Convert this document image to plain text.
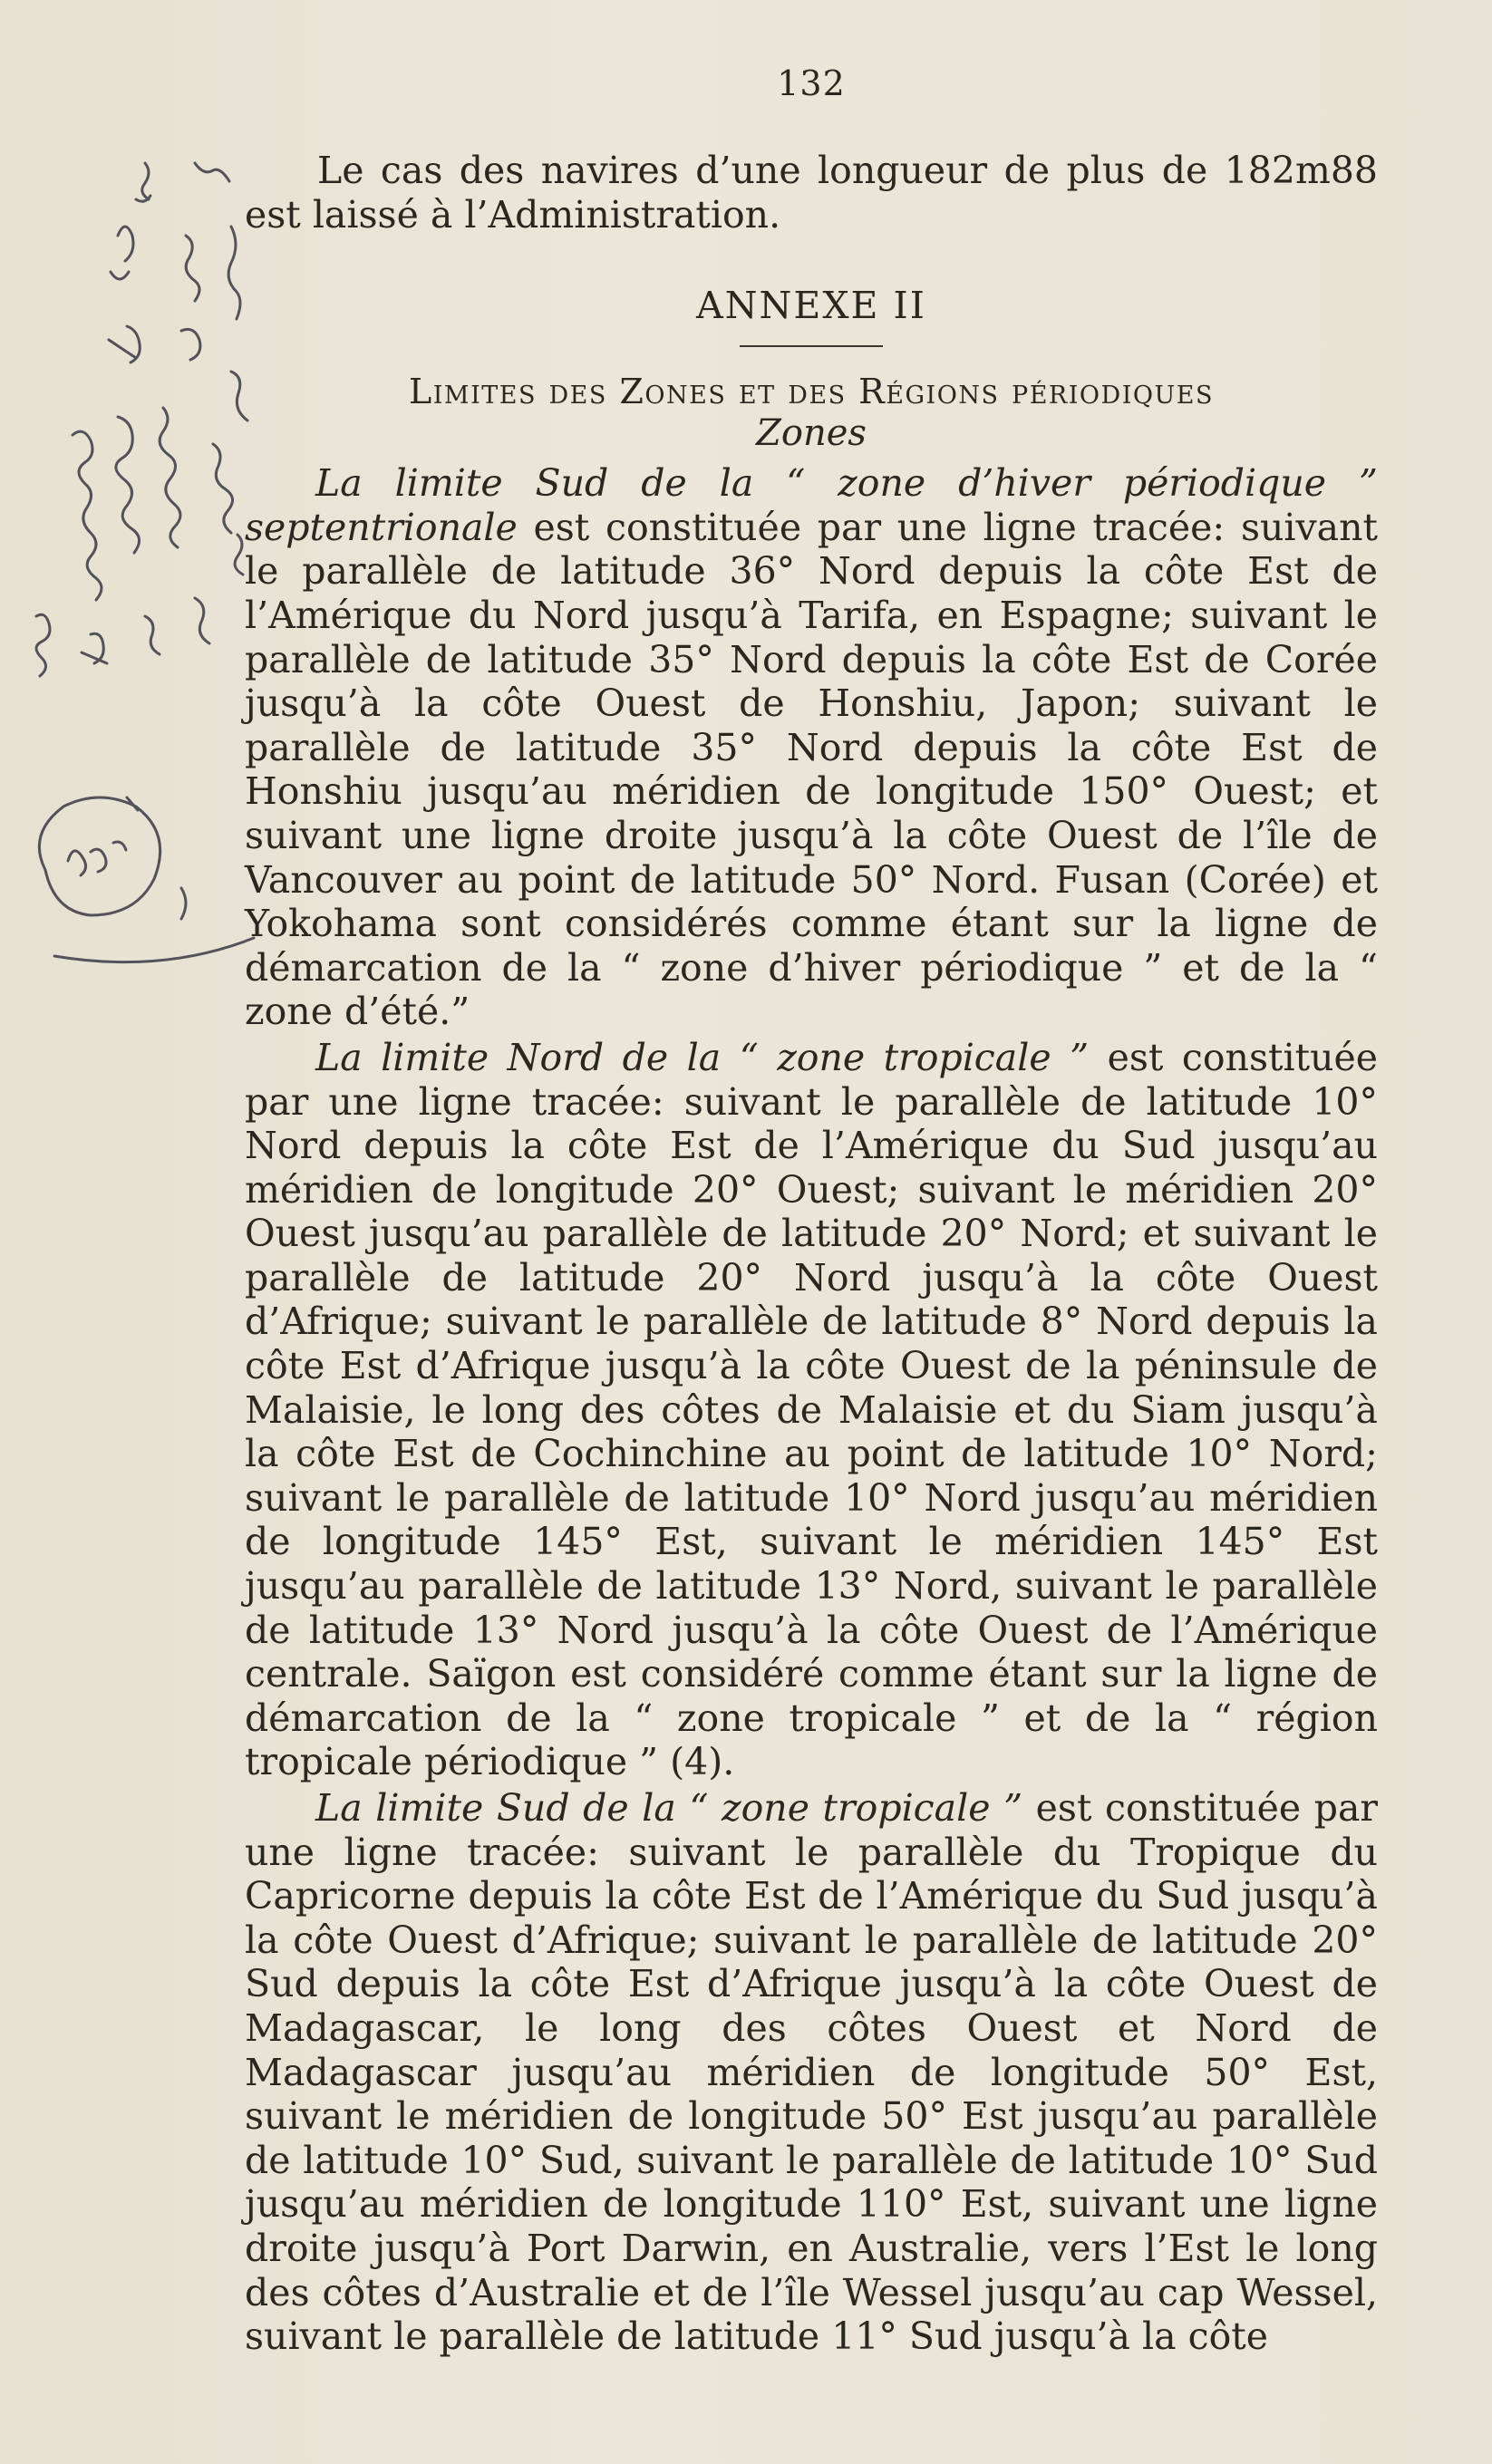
132

Le cas des navires d’une longueur de plus de 182m88 est laissé à l’Administration.

ANNEXE II
Limites des Zones et des Régions périodiques
Zones

La limite Sud de la “ zone d’hiver périodique ” septentrionale est constituée par une ligne tracée: suivant le parallèle de latitude 36° Nord depuis la côte Est de l’Amérique du Nord jusqu’à Tarifa, en Espagne; suivant le parallèle de latitude 35° Nord depuis la côte Est de Corée jusqu’à la côte Ouest de Honshiu, Japon; suivant le parallèle de latitude 35° Nord depuis la côte Est de Honshiu jusqu’au méridien de longitude 150° Ouest; et suivant une ligne droite jusqu’à la côte Ouest de l’île de Vancouver au point de latitude 50° Nord. Fusan (Corée) et Yokohama sont considérés comme étant sur la ligne de démarcation de la “ zone d’hiver périodique ” et de la “ zone d’été.”

La limite Nord de la “ zone tropicale ” est constituée par une ligne tracée: suivant le parallèle de latitude 10° Nord depuis la côte Est de l’Amérique du Sud jusqu’au méridien de longitude 20° Ouest; suivant le méridien 20° Ouest jusqu’au parallèle de latitude 20° Nord; et suivant le parallèle de latitude 20° Nord jusqu’à la côte Ouest d’Afrique; suivant le parallèle de latitude 8° Nord depuis la côte Est d’Afrique jusqu’à la côte Ouest de la péninsule de Malaisie, le long des côtes de Malaisie et du Siam jusqu’à la côte Est de Cochinchine au point de latitude 10° Nord; suivant le parallèle de latitude 10° Nord jusqu’au méridien de longitude 145° Est, suivant le méridien 145° Est jusqu’au parallèle de latitude 13° Nord, suivant le parallèle de latitude 13° Nord jusqu’à la côte Ouest de l’Amérique centrale. Saïgon est considéré comme étant sur la ligne de démarcation de la “ zone tropicale ” et de la “ région tropicale périodique ” (4).

La limite Sud de la “ zone tropicale ” est constituée par une ligne tracée: suivant le parallèle du Tropique du Capricorne depuis la côte Est de l’Amérique du Sud jusqu’à la côte Ouest d’Afrique; suivant le parallèle de latitude 20° Sud depuis la côte Est d’Afrique jusqu’à la côte Ouest de Madagascar, le long des côtes Ouest et Nord de Madagascar jusqu’au méridien de longitude 50° Est, suivant le méridien de longitude 50° Est jusqu’au parallèle de latitude 10° Sud, suivant le parallèle de latitude 10° Sud jusqu’au méridien de longitude 110° Est, suivant une ligne droite jusqu’à Port Darwin, en Australie, vers l’Est le long des côtes d’Australie et de l’île Wessel jusqu’au cap Wessel, suivant le parallèle de latitude 11° Sud jusqu’à la côte
